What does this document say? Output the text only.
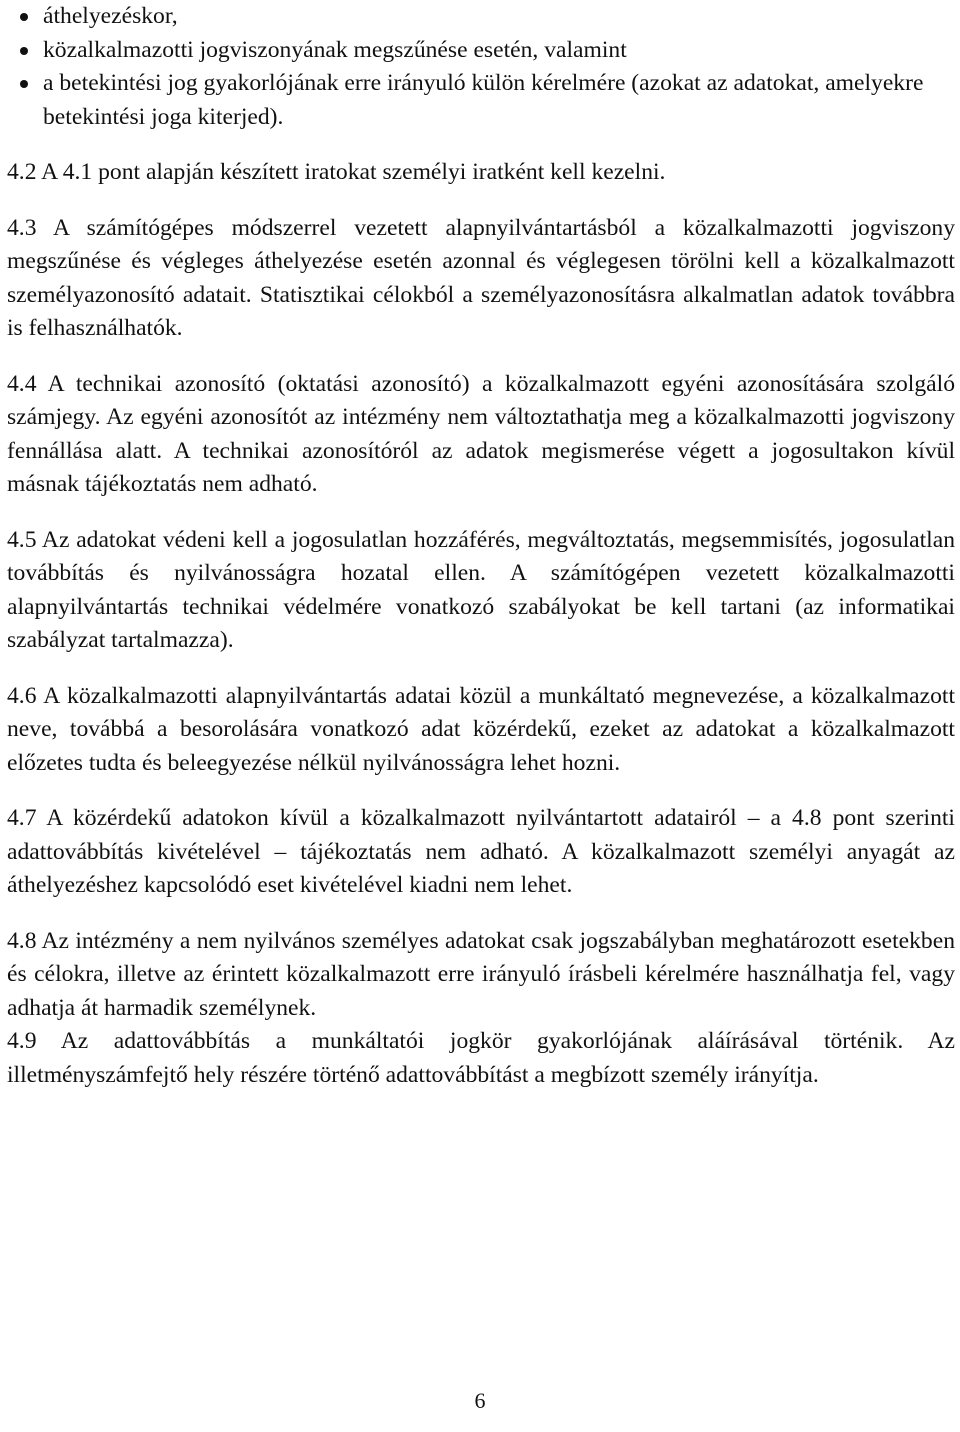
áthelyezéskor,
közalkalmazotti jogviszonyának megszűnése esetén, valamint
a betekintési jog gyakorlójának erre irányuló külön kérelmére (azokat az adatokat, amelyekre betekintési joga kiterjed).

4.2 A 4.1 pont alapján készített iratokat személyi iratként kell kezelni.

4.3 A számítógépes módszerrel vezetett alapnyilvántartásból a közalkalmazotti jogviszony megszűnése és végleges áthelyezése esetén azonnal és véglegesen törölni kell a közalkalmazott személyazonosító adatait. Statisztikai célokból a személyazonosításra alkalmatlan adatok továbbra is felhasználhatók.

4.4 A technikai azonosító (oktatási azonosító) a közalkalmazott egyéni azonosítására szolgáló számjegy. Az egyéni azonosítót az intézmény nem változtathatja meg a közalkalmazotti jogviszony fennállása alatt. A technikai azonosítóról az adatok megismerése végett a jogosultakon kívül másnak tájékoztatás nem adható.

4.5 Az adatokat védeni kell a jogosulatlan hozzáférés, megváltoztatás, megsemmisítés, jogosulatlan továbbítás és nyilvánosságra hozatal ellen. A számítógépen vezetett közalkalmazotti alapnyilvántartás technikai védelmére vonatkozó szabályokat be kell tartani (az informatikai szabályzat tartalmazza).

4.6 A közalkalmazotti alapnyilvántartás adatai közül a munkáltató megnevezése, a közalkalmazott neve, továbbá a besorolására vonatkozó adat közérdekű, ezeket az adatokat a közalkalmazott előzetes tudta és beleegyezése nélkül nyilvánosságra lehet hozni.

4.7 A közérdekű adatokon kívül a közalkalmazott nyilvántartott adatairól – a 4.8 pont szerinti adattovábbítás kivételével – tájékoztatás nem adható. A közalkalmazott személyi anyagát az áthelyezéshez kapcsolódó eset kivételével kiadni nem lehet.

4.8 Az intézmény a nem nyilvános személyes adatokat csak jogszabályban meghatározott esetekben és célokra, illetve az érintett közalkalmazott erre irányuló írásbeli kérelmére használhatja fel, vagy adhatja át harmadik személynek.

4.9 Az adattovábbítás a munkáltatói jogkör gyakorlójának aláírásával történik. Az illetményszámfejtő hely részére történő adattovábbítást a megbízott személy irányítja.

6
